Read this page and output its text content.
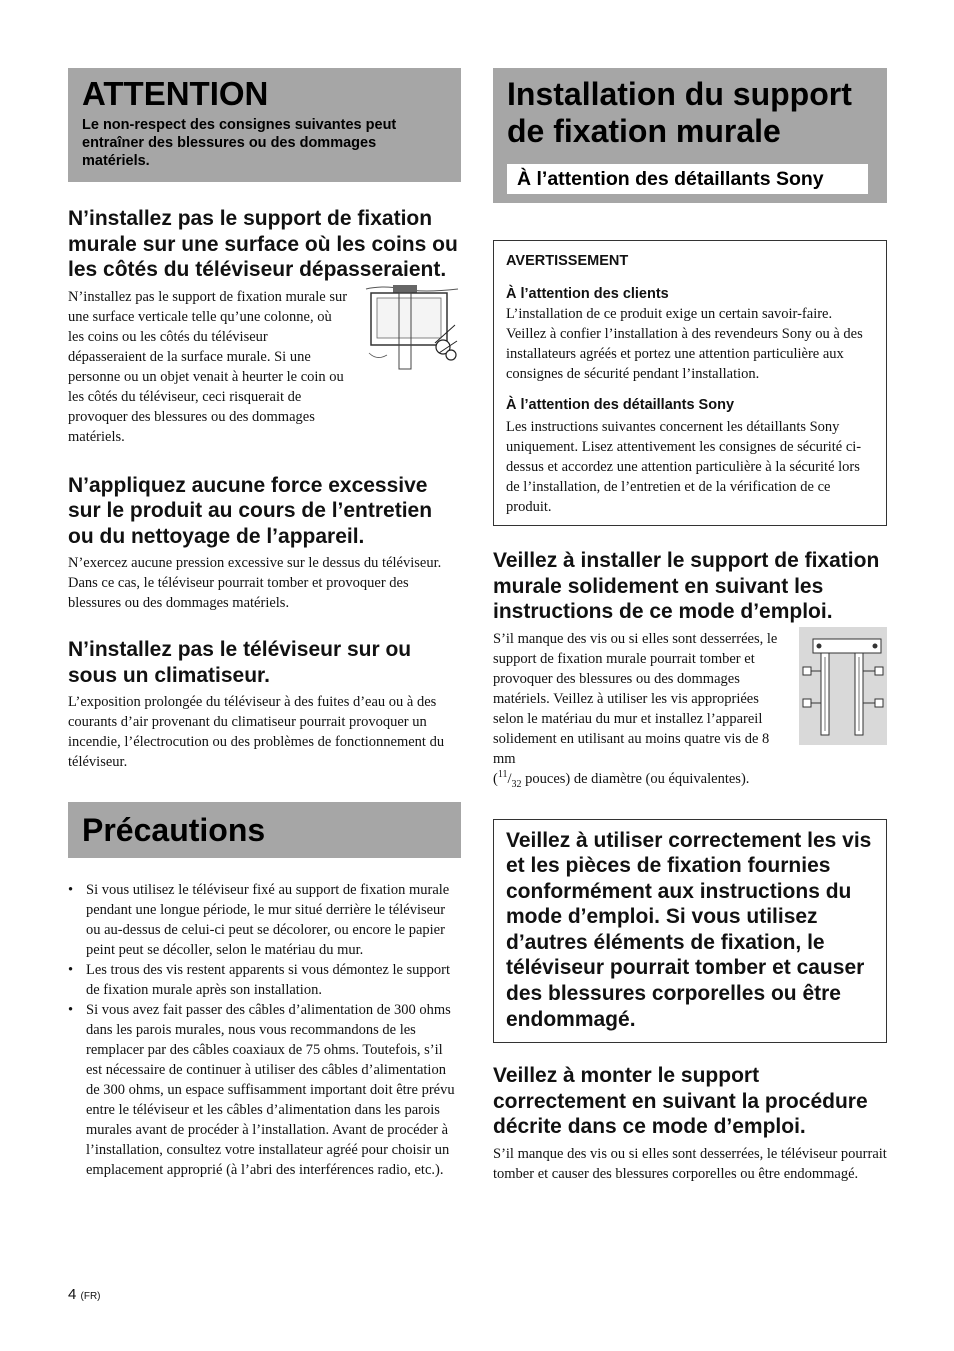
ATTENTION

Le non-respect des consignes suivantes peut entraîner des blessures ou des dommages matériels.

N’installez pas le support de fixation murale sur une surface où les coins ou les côtés du téléviseur dépasseraient.

N’installez pas le support de fixation murale sur une surface verticale telle qu’une colonne, où les coins ou les côtés du téléviseur dépasseraient de la surface murale. Si une personne ou un objet venait à heurter le coin ou les côtés du téléviseur, ceci risquerait de provoquer des blessures ou des dommages matériels.

N’appliquez aucune force excessive sur le produit au cours de l’entretien ou du nettoyage de l’appareil.

N’exercez aucune pression excessive sur le dessus du téléviseur. Dans ce cas, le téléviseur pourrait tomber et provoquer des blessures ou des dommages matériels.

N’installez pas le téléviseur sur ou sous un climatiseur.

L’exposition prolongée du téléviseur à des fuites d’eau ou à des courants d’air provenant du climatiseur pourrait provoquer un incendie, l’électrocution ou des problèmes de fonctionnement du téléviseur.

Précautions

• Si vous utilisez le téléviseur fixé au support de fixation murale pendant une longue période, le mur situé derrière le téléviseur ou au-dessus de celui-ci peut se décolorer, ou encore le papier peint peut se décoller, selon le matériau du mur.
• Les trous des vis restent apparents si vous démontez le support de fixation murale après son installation.
• Si vous avez fait passer des câbles d’alimentation de 300 ohms dans les parois murales, nous vous recommandons de les remplacer par des câbles coaxiaux de 75 ohms. Toutefois, s’il est nécessaire de continuer à utiliser des câbles d’alimentation de 300 ohms, un espace suffisamment important doit être prévu entre le téléviseur et les câbles d’alimentation dans les parois murales avant de procéder à l’installation. Avant de procéder à l’installation, consultez votre installateur agréé pour choisir un emplacement approprié (à l’abri des interférences radio, etc.).

Installation du support de fixation murale

À l’attention des détaillants Sony

AVERTISSEMENT

À l’attention des clients

L’installation de ce produit exige un certain savoir-faire. Veillez à confier l’installation à des revendeurs Sony ou à des installateurs agréés et portez une attention particulière aux consignes de sécurité pendant l’installation.

À l’attention des détaillants Sony

Les instructions suivantes concernent les détaillants Sony uniquement. Lisez attentivement les consignes de sécurité ci-dessus et accordez une attention particulière à la sécurité lors de l’installation, de l’entretien et de la vérification de ce produit.

Veillez à installer le support de fixation murale solidement en suivant les instructions de ce mode d’emploi.

S’il manque des vis ou si elles sont desserrées, le support de fixation murale pourrait tomber et provoquer des blessures ou des dommages matériels. Veillez à utiliser les vis appropriées selon le matériau du mur et installez l’appareil solidement en utilisant au moins quatre vis de 8 mm
($^{11}/_{32}$ pouces) de diamètre (ou équivalentes).

Veillez à utiliser correctement les vis et les pièces de fixation fournies conformément aux instructions du mode d’emploi. Si vous utilisez d’autres éléments de fixation, le téléviseur pourrait tomber et causer des blessures corporelles ou être endommagé.

Veillez à monter le support correctement en suivant la procédure décrite dans ce mode d’emploi.

S’il manque des vis ou si elles sont desserrées, le téléviseur pourrait tomber et causer des blessures corporelles ou être endommagé.

4 (FR)
